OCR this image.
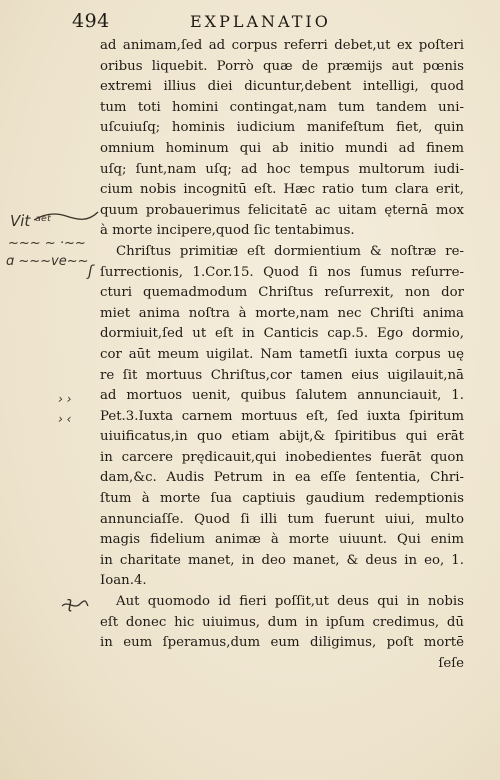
494	EXPLANATIO
Vi̇t ᵃᵉᵗ
~~~ ~ ·~~
ɑ ~~~ve~~
ʃ
› ›
› ‹
ʅ
ad animam,ſed ad corpus referri debet,ut ex poſteri
oribus liquebit. Porrò quæ de præmijs aut pœnis
extremi illius diei dicuntur,debent intelligi, quod
tum toti homini contingat,nam tum tandem uni-
uſcuiuſq; hominis iudicium manifeſtum fiet, quin
omnium hominum qui ab initio mundi ad finem
uſq; ſunt,nam uſq; ad hoc tempus multorum iudi-
cium nobis incognitū eſt. Hæc ratio tum clara erit,
quum probauerimus felicitatē ac uitam ęternā mox
à morte incipere,quod ſic tentabimus.
Chriſtus primitiæ eſt dormientium & noſtræ re-
ſurrectionis, 1.Cor.15. Quod ſi nos ſumus reſurre-
cturi quemadmodum Chriſtus reſurrexit, non dor
miet anima noſtra à morte,nam nec Chriſti anima
dormiuit,ſed ut eſt in Canticis cap.5. Ego dormio,
cor aūt meum uigilat. Nam tametſi iuxta corpus uę
re ſit mortuus Chriſtus,cor tamen eius uigilauit,nā
ad mortuos uenit, quibus ſalutem annunciauit, 1.
Pet.3.Iuxta carnem mortuus eſt, ſed iuxta ſpiritum
uiuificatus,in quo etiam abijt,& ſpiritibus qui erāt
in carcere prędicauit,qui inobedientes fuerāt quon
dam,&c. Audis Petrum in ea eſſe ſententia, Chri-
ſtum à morte ſua captiuis gaudium redemptionis
annunciaſſe. Quod ſi illi tum fuerunt uiui, multo
magis fidelium animæ à morte uiuunt. Qui enim
in charitate manet, in deo manet, & deus in eo, 1.
Ioan.4.
Aut quomodo id fieri poſſit,ut deus qui in nobis
eſt donec hic uiuimus, dum in ipſum credimus, dū
in eum ſperamus,dum eum diligimus, poſt mortē
ſeſe
